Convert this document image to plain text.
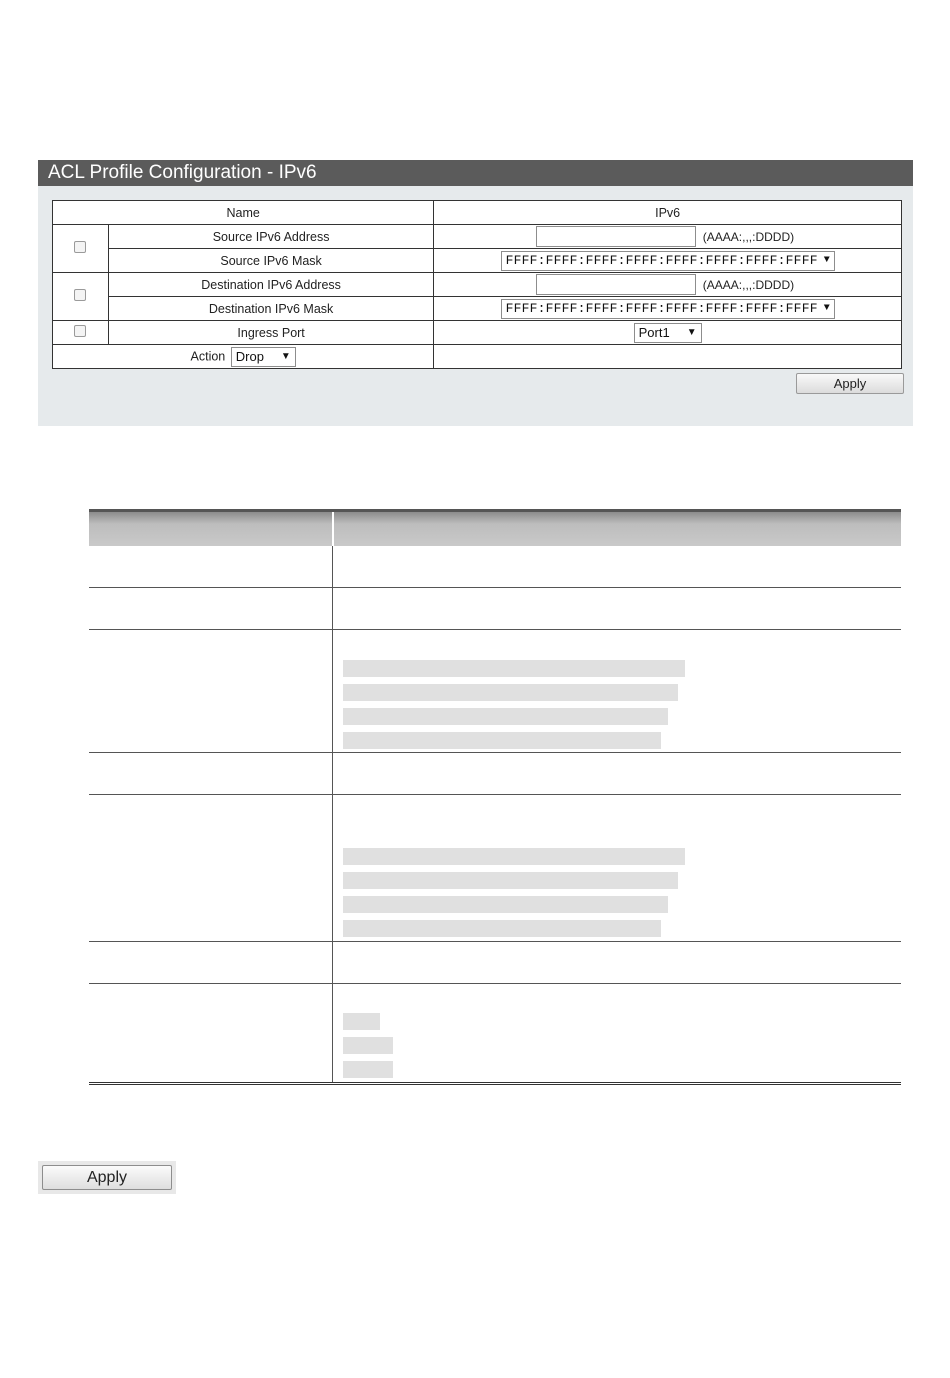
ACL Profile Configuration - IPv6
Name		IPv6
	Source IPv6 Address	(AAAA:,,,:DDDD)
	Source IPv6 Mask	FFFF:FFFF:FFFF:FFFF:FFFF:FFFF:FFFF:FFFF ▼

	Destination IPv6 Address	(AAAA:,,,:DDDD)
	Destination IPv6 Mask	FFFF:FFFF:FFFF:FFFF:FFFF:FFFF:FFFF:FFFF ▼

	Ingress Port	Port1 ▼

Action Drop ▼		

Apply
Apply
